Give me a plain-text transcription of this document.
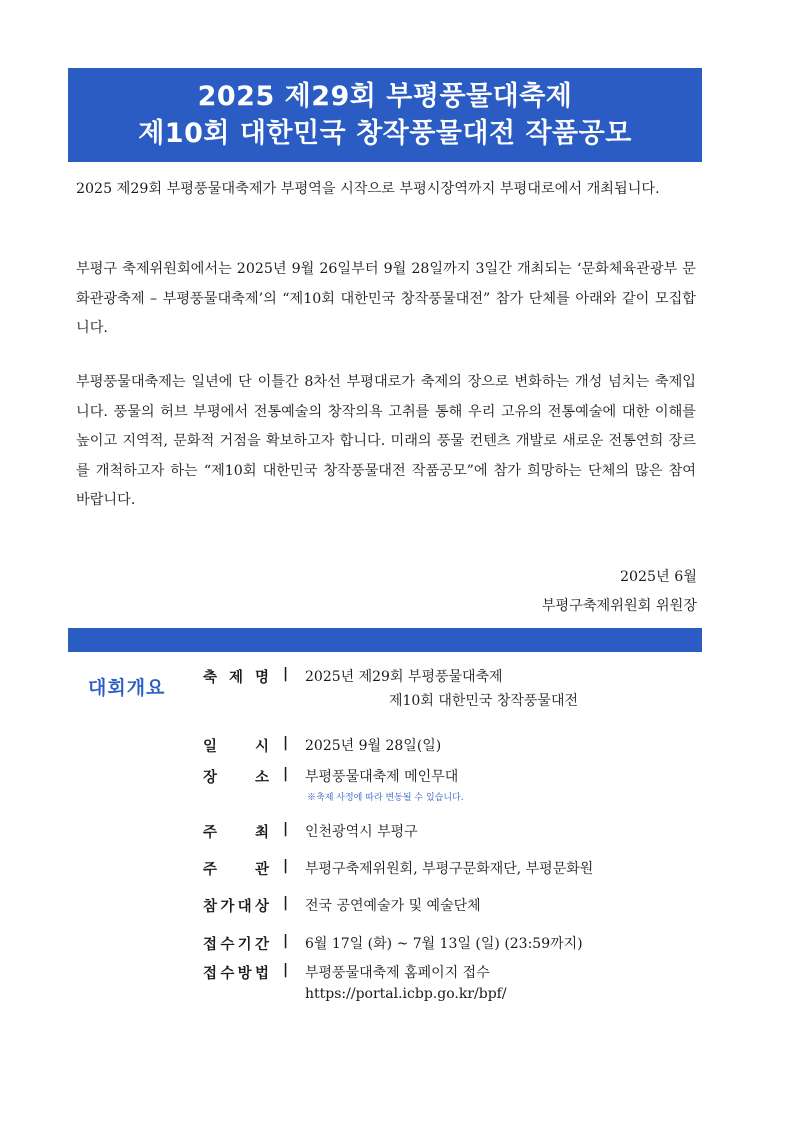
2025 제29회 부평풍물대축제
제10회 대한민국 창작풍물대전 작품공모

2025 제29회 부평풍물대축제가 부평역을 시작으로 부평시장역까지 부평대로에서 개최됩니다.

부평구 축제위원회에서는 2025년 9월 26일부터 9월 28일까지 3일간 개최되는 ‘문화체육관광부 문화관광축제 – 부평풍물대축제’의 “제10회 대한민국 창작풍물대전” 참가 단체를 아래와 같이 모집합니다.

부평풍물대축제는 일년에 단 이틀간 8차선 부평대로가 축제의 장으로 변화하는 개성 넘치는 축제입니다. 풍물의 허브 부평에서 전통예술의 창작의욕 고취를 통해 우리 고유의 전통예술에 대한 이해를 높이고 지역적, 문화적 거점을 확보하고자 합니다. 미래의 풍물 컨텐츠 개발로 새로운 전통연희 장르를 개척하고자 하는 “제10회 대한민국 창작풍물대전 작품공모”에 참가 희망하는 단체의 많은 참여 바랍니다.

2025년 6월
부평구축제위원회 위원장
대회개요	축 제 명 | 2025년 제29회 부평풍물대축제
제10회 대한민국 창작풍물대전
일	시 | 2025년 9월 28일(일)
장	소 | 부평풍물대축제 메인무대
※축제 사정에 따라 변동될 수 있습니다.
주	최 | 인천광역시 부평구
주	관 | 부평구축제위원회, 부평구문화재단, 부평문화원
참 가 대 상 | 전국 공연예술가 및 예술단체
접 수 기 간 | 6월 17일 (화) ~ 7월 13일 (일) (23:59까지)
접 수 방 법 | 부평풍물대축제 홈페이지 접수
https://portal.icbp.go.kr/bpf/
